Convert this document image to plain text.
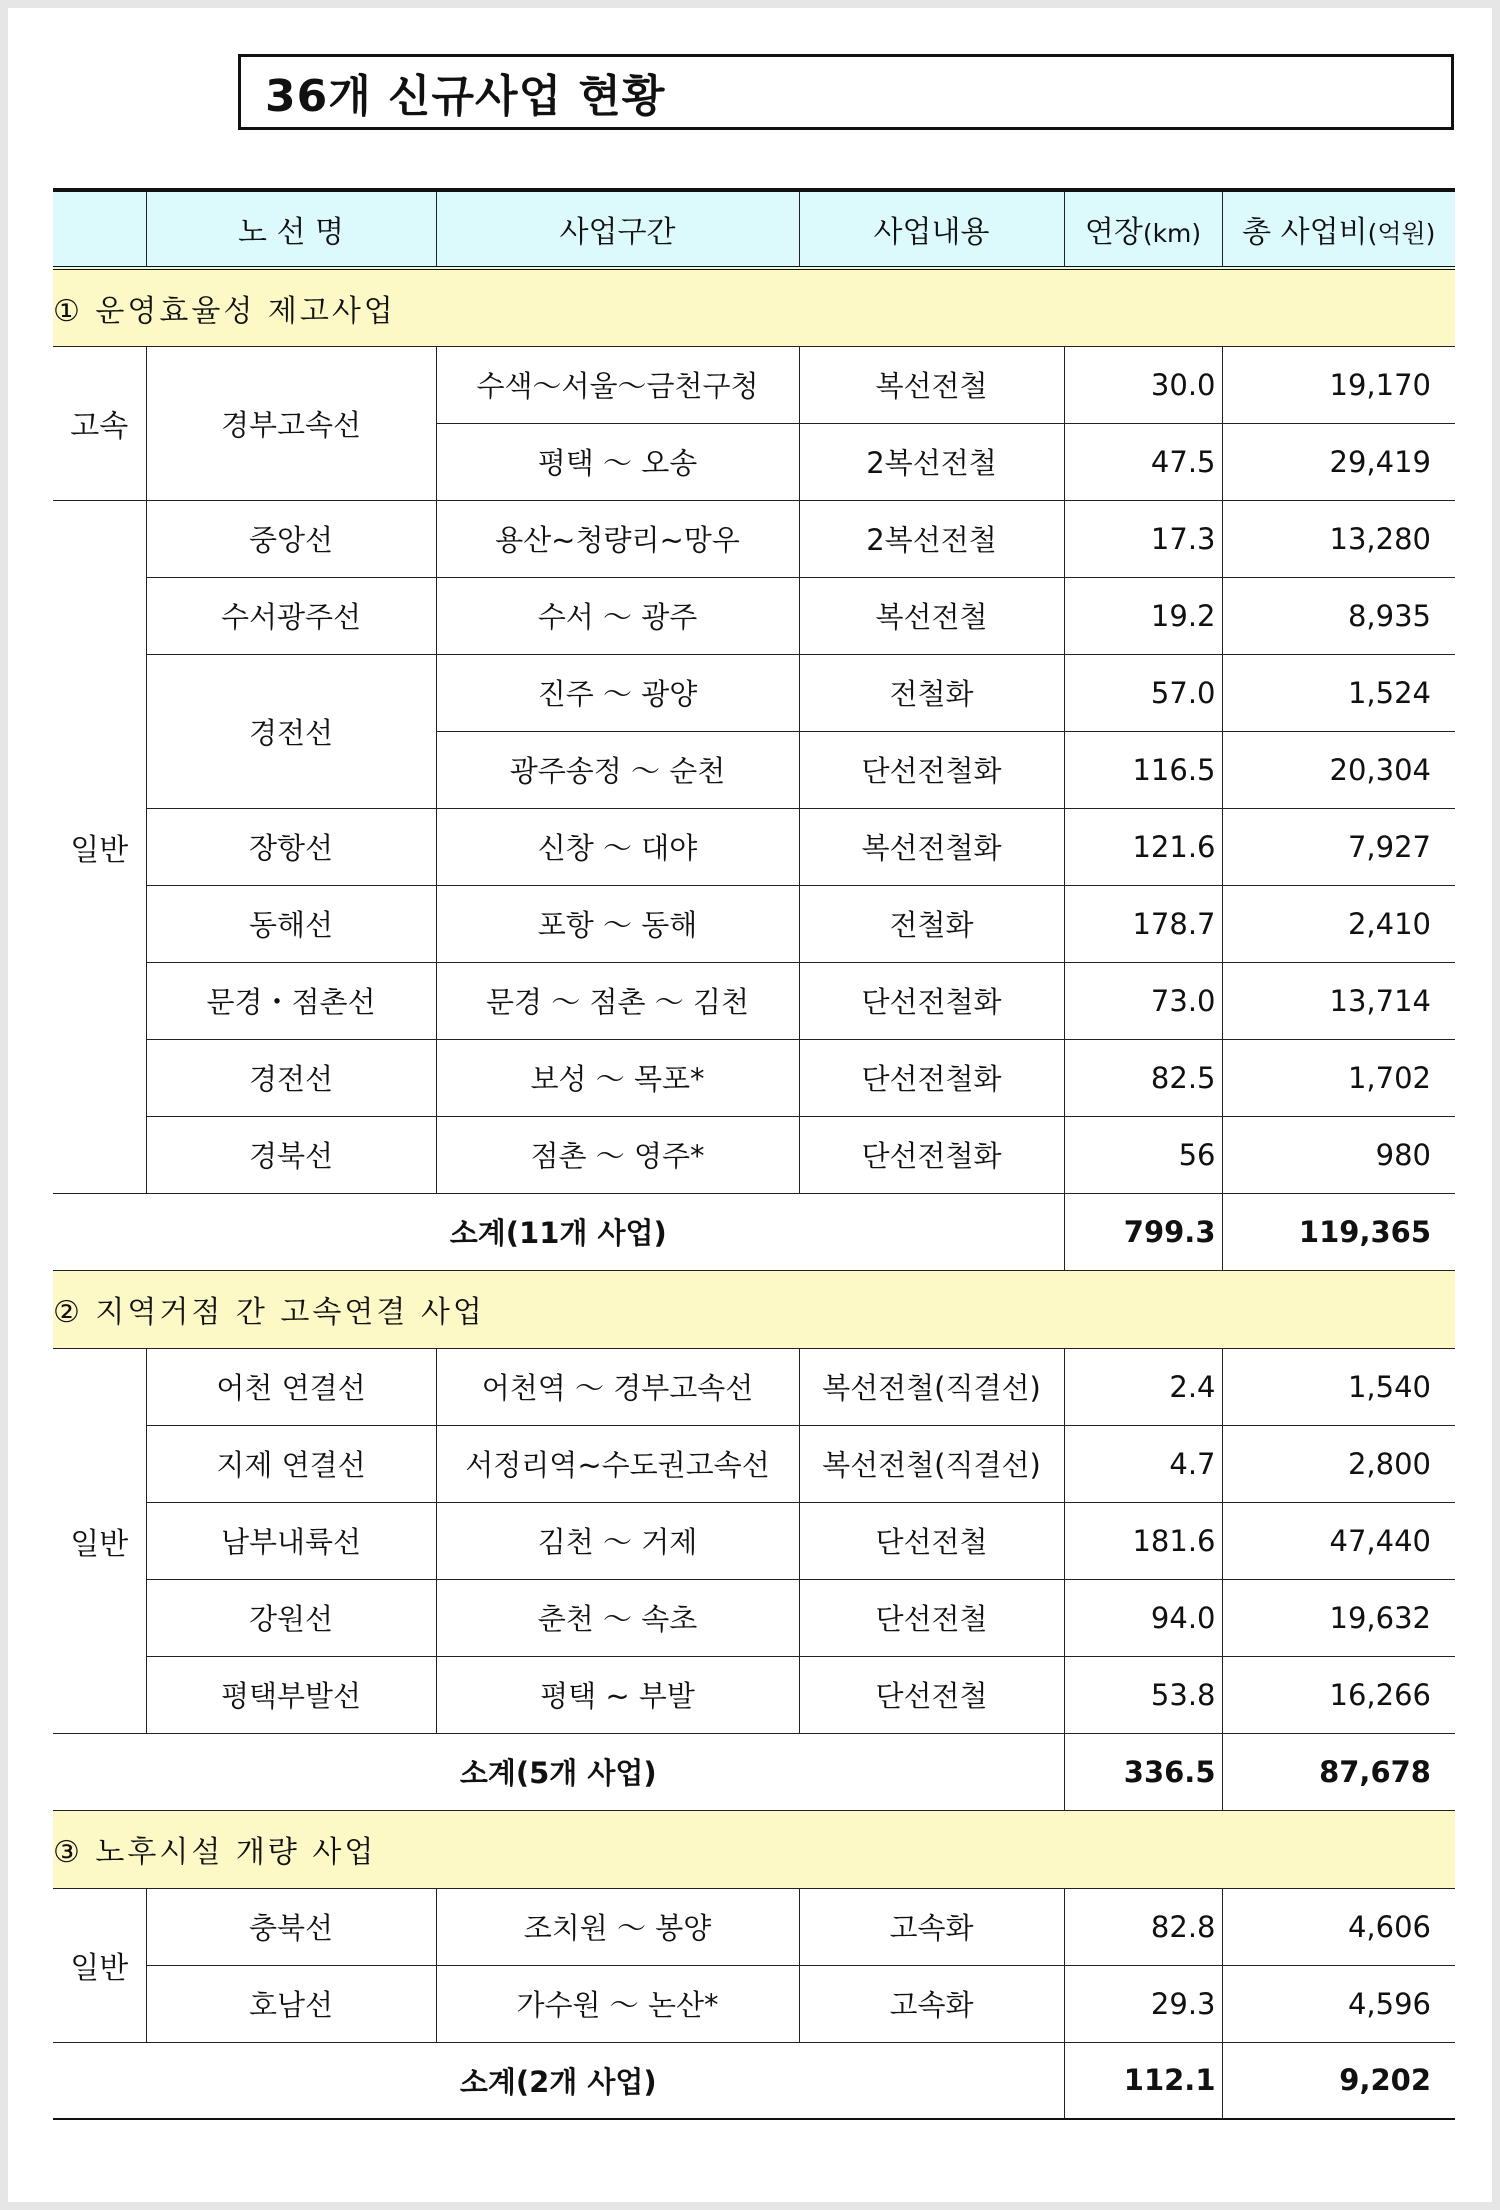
36개 신규사업 현황
	노 선 명	사업구간	사업내용	연장(km)	총 사업비(억원)
① 운영효율성 제고사업					
고속	경부고속선	수색～서울～금천구청	복선전철	30.0	19,170
		평택 ～ 오송	2복선전철	47.5	29,419
일반	중앙선	용산~청량리~망우	2복선전철	17.3	13,280
	수서광주선	수서 ～ 광주	복선전철	19.2	8,935
	경전선	진주 ～ 광양	전철화	57.0	1,524
		광주송정 ～ 순천	단선전철화	116.5	20,304
	장항선	신창 ～ 대야	복선전철화	121.6	7,927
	동해선	포항 ～ 동해	전철화	178.7	2,410
	문경・점촌선	문경 ～ 점촌 ～ 김천	단선전철화	73.0	13,714
	경전선	보성 ～ 목포*	단선전철화	82.5	1,702
	경북선	점촌 ～ 영주*	단선전철화	56	980
소계(11개 사업)				799.3	119,365
② 지역거점 간 고속연결 사업					
일반	어천 연결선	어천역 ～ 경부고속선	복선전철(직결선)	2.4	1,540
	지제 연결선	서정리역~수도권고속선	복선전철(직결선)	4.7	2,800
	남부내륙선	김천 ～ 거제	단선전철	181.6	47,440
	강원선	춘천 ～ 속초	단선전철	94.0	19,632
	평택부발선	평택 ~ 부발	단선전철	53.8	16,266
소계(5개 사업)				336.5	87,678
③ 노후시설 개량 사업					
일반	충북선	조치원 ～ 봉양	고속화	82.8	4,606
	호남선	가수원 ～ 논산*	고속화	29.3	4,596
소계(2개 사업)				112.1	9,202
